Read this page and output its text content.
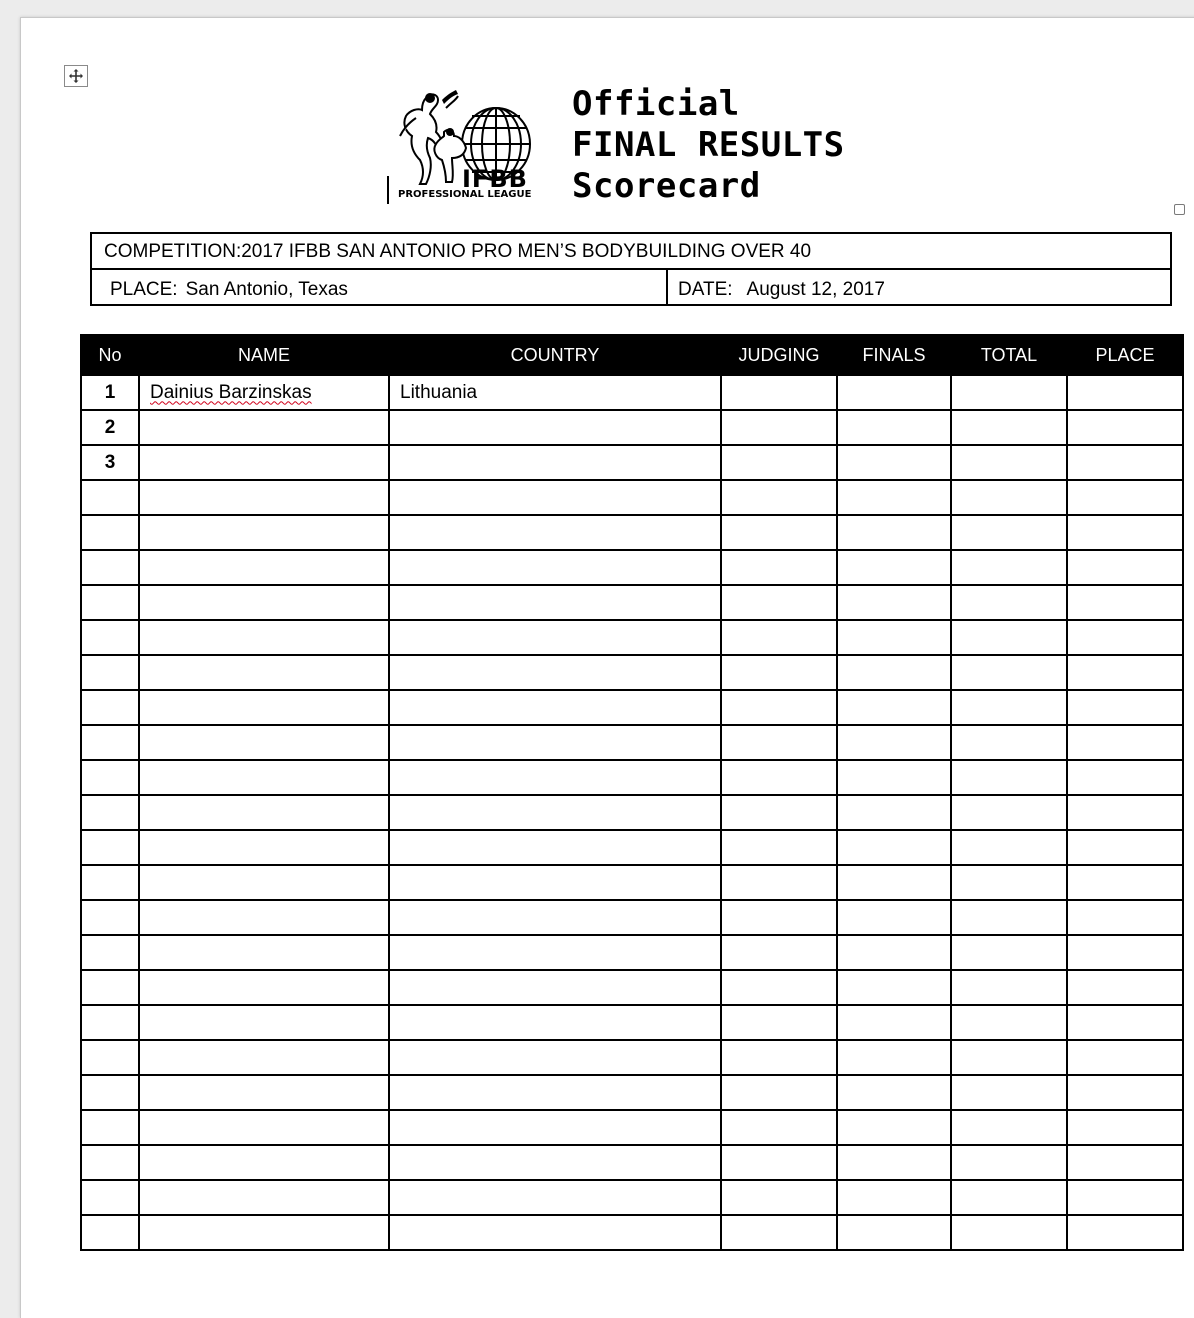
IFBB
PROFESSIONAL LEAGUE
Official
FINAL RESULTS
Scorecard
COMPETITION:
2017 IFBB SAN ANTONIO PRO MEN’S BODYBUILDING OVER 40
PLACE: San Antonio, Texas	DATE: August 12, 2017
No	NAME	COUNTRY	JUDGING	FINALS	TOTAL	PLACE
1	Dainius Barzinskas	Lithuania				
2						
3						
